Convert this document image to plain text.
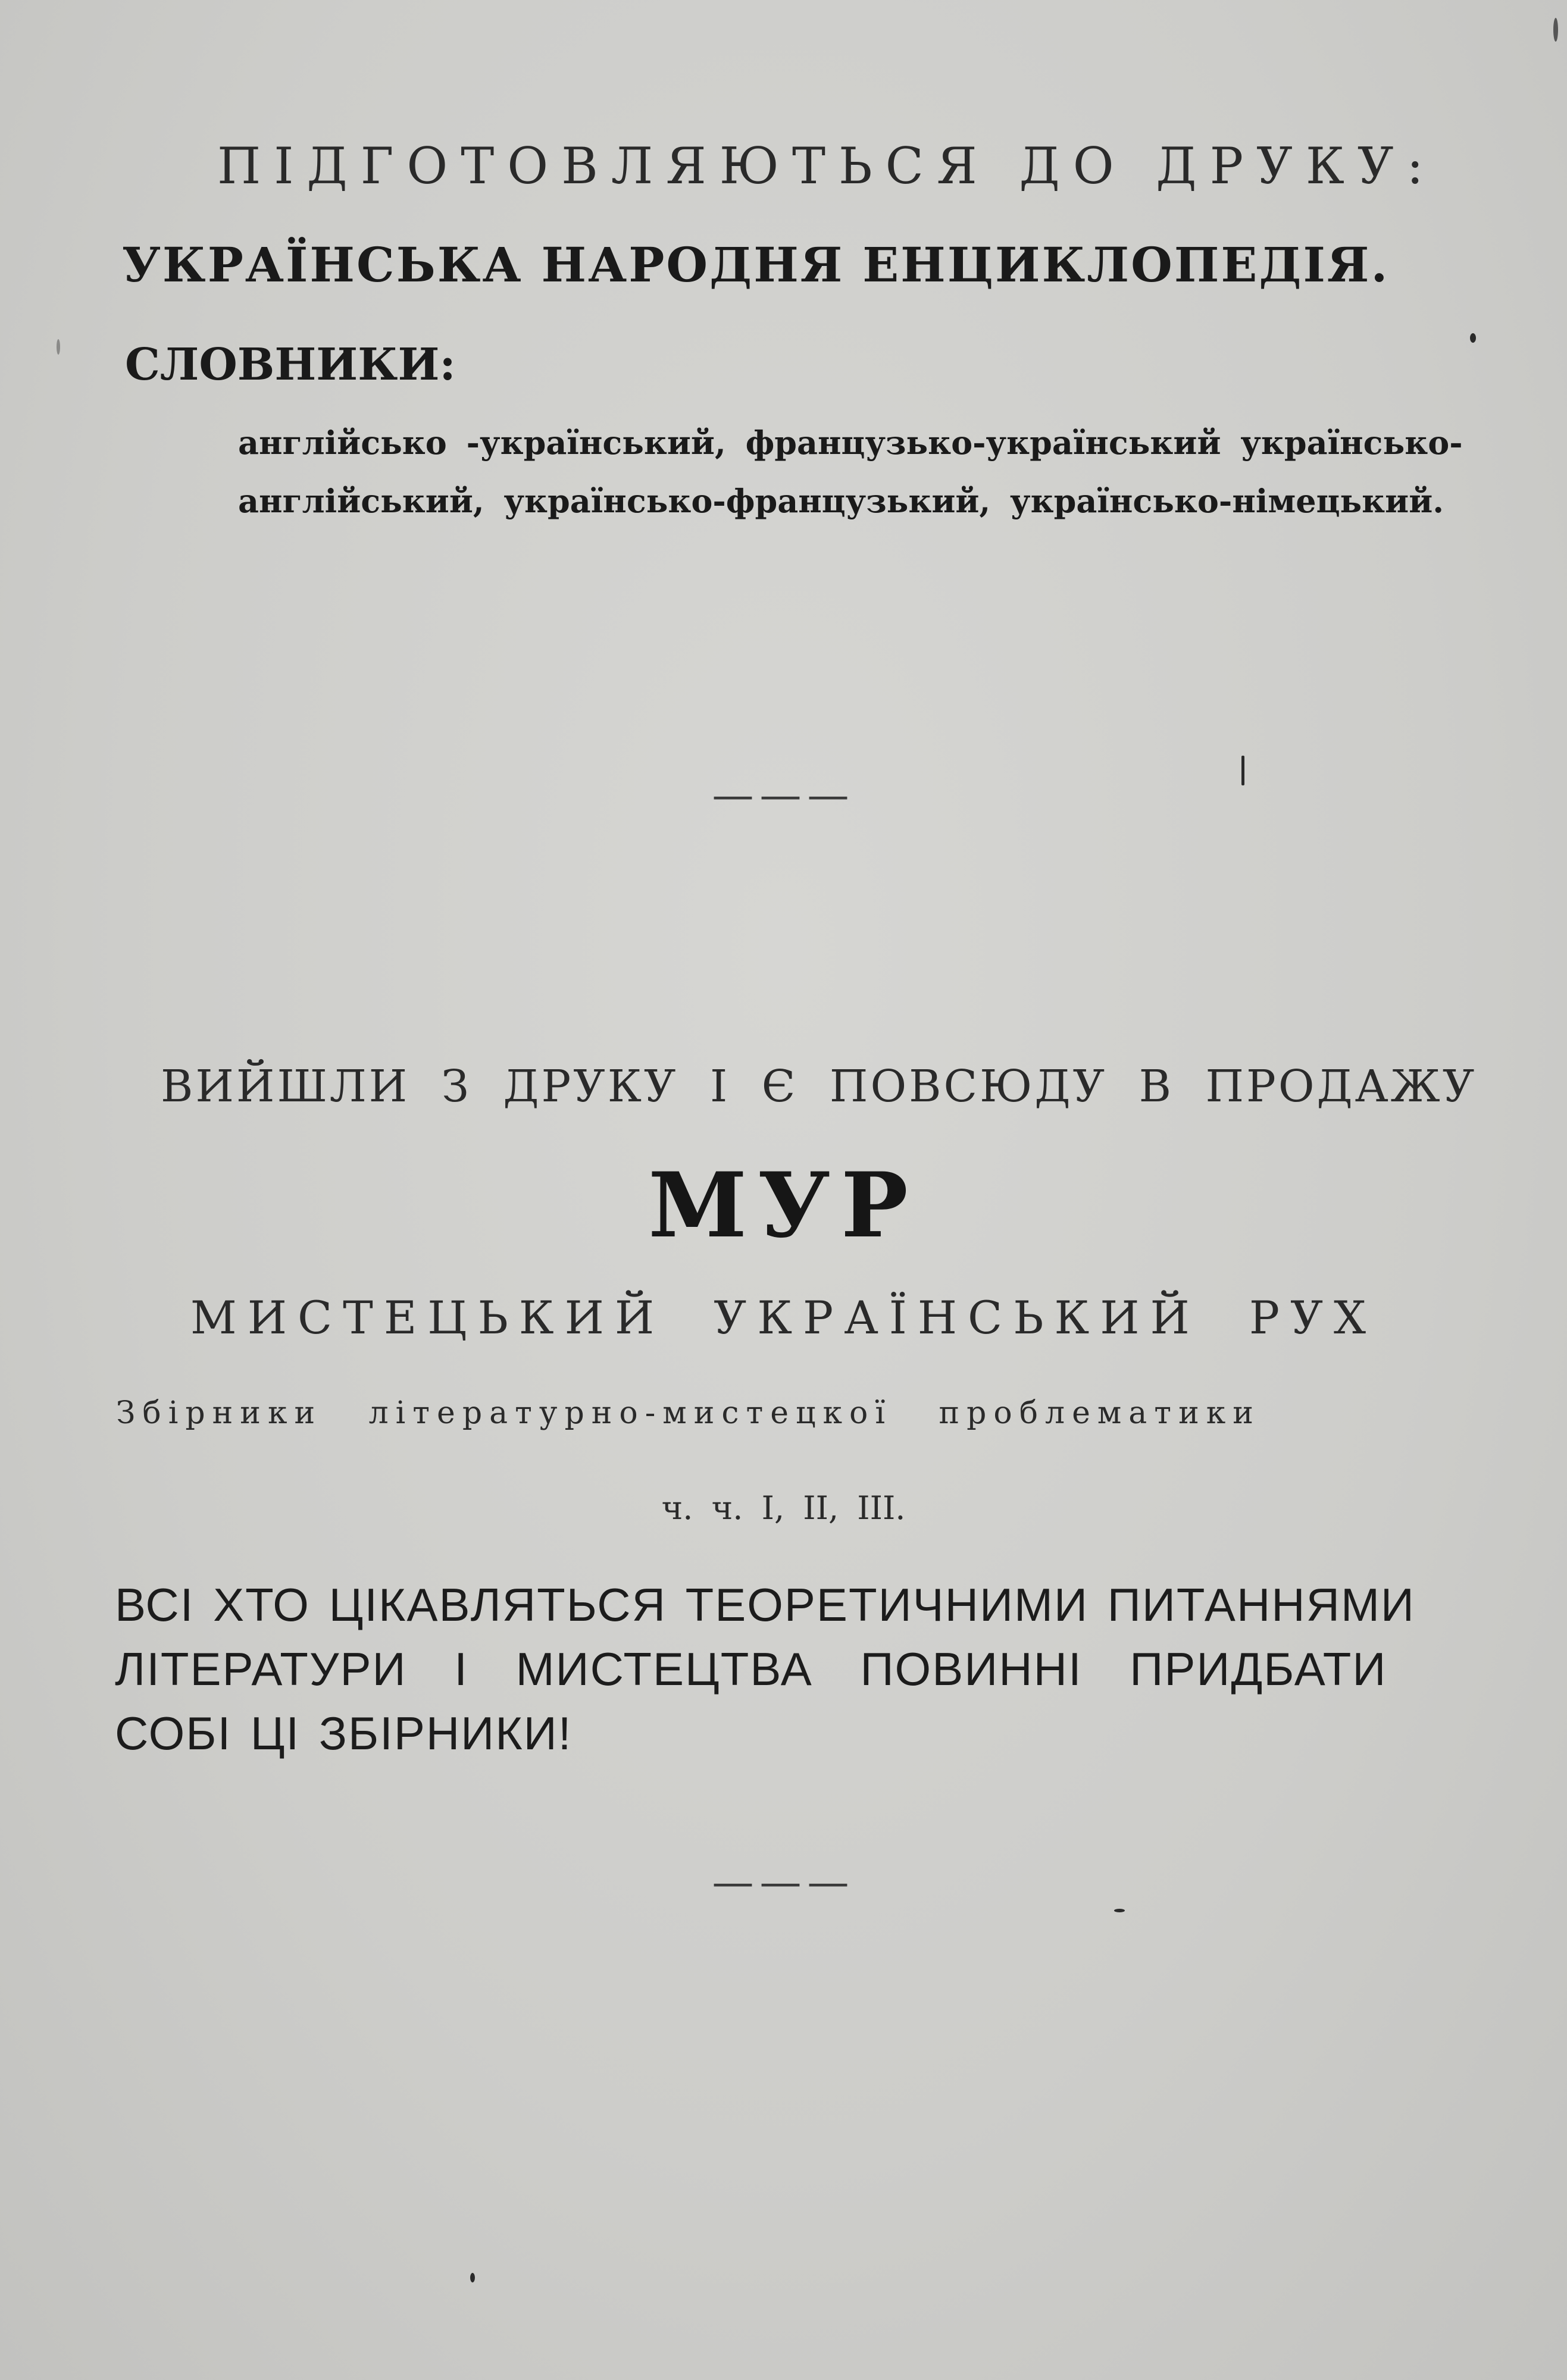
ПІДГОТОВЛЯЮТЬСЯ ДО ДРУКУ:
УКРАЇНСЬКА НАРОДНЯ ЕНЦИКЛОПЕДІЯ.
СЛОВНИКИ:
англійсько -український, французько-український українсько-
англійський, українсько-французький, українсько-німецький.
———
ВИЙШЛИ З ДРУКУ І Є ПОВСЮДУ В ПРОДАЖУ
МУР
МИСТЕЦЬКИЙ УКРАЇНСЬКИЙ РУХ
Збірники літературно-мистецкої проблематики
ч. ч. І, ІІ, ІІІ.
ВСІ ХТО ЦІКАВЛЯТЬСЯ ТЕОРЕТИЧНИМИ ПИТАННЯМИ
ЛІТЕРАТУРИ І МИСТЕЦТВА ПОВИННІ ПРИДБАТИ
СОБІ ЦІ ЗБІРНИКИ!
———
